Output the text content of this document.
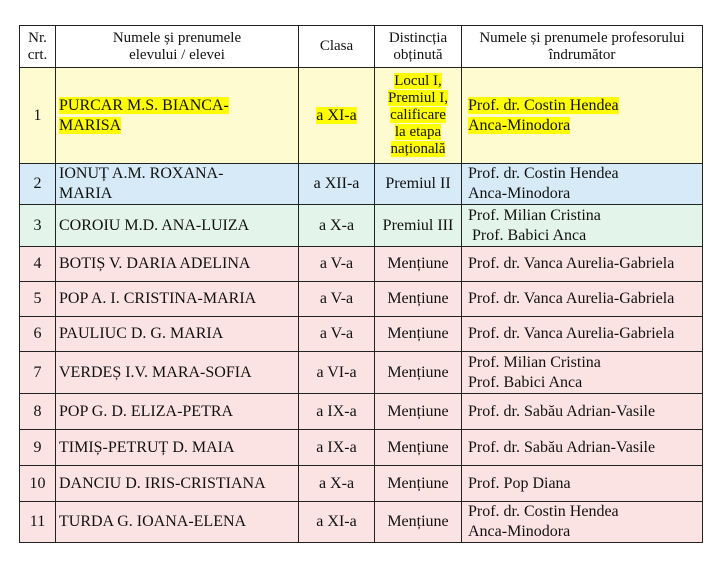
Nr.
crt.	Numele și prenumele
elevului / elevei	Clasa	Distincția
obținută	Numele și prenumele profesorului
îndrumător

1	PURCAR M.S. BIANCA-
MARISA	a XI-a	Locul I,
Premiul I,
calificare
la etapa
națională	Prof. dr. Costin Hendea
Anca-Minodora

2	IONUȚ A.M. ROXANA-
MARIA	a XII-a	Premiul II	Prof. dr. Costin Hendea
Anca-Minodora

3	COROIU M.D. ANA-LUIZA	a X-a	Premiul III	Prof. Milian Cristina
Prof. Babici Anca

4	BOTIȘ V. DARIA ADELINA	a V-a	Mențiune	Prof. dr. Vanca Aurelia-Gabriela
5	POP A. I. CRISTINA-MARIA	a V-a	Mențiune	Prof. dr. Vanca Aurelia-Gabriela
6	PAULIUC D. G. MARIA	a V-a	Mențiune	Prof. dr. Vanca Aurelia-Gabriela
7	VERDEȘ I.V. MARA-SOFIA	a VI-a	Mențiune	Prof. Milian Cristina
Prof. Babici Anca

8	POP G. D. ELIZA-PETRA	a IX-a	Mențiune	Prof. dr. Sabău Adrian-Vasile
9	TIMIȘ-PETRUȚ D. MAIA	a IX-a	Mențiune	Prof. dr. Sabău Adrian-Vasile
10	DANCIU D. IRIS-CRISTIANA	a X-a	Mențiune	Prof. Pop Diana
11	TURDA G. IOANA-ELENA	a XI-a	Mențiune	Prof. dr. Costin Hendea
Anca-Minodora
